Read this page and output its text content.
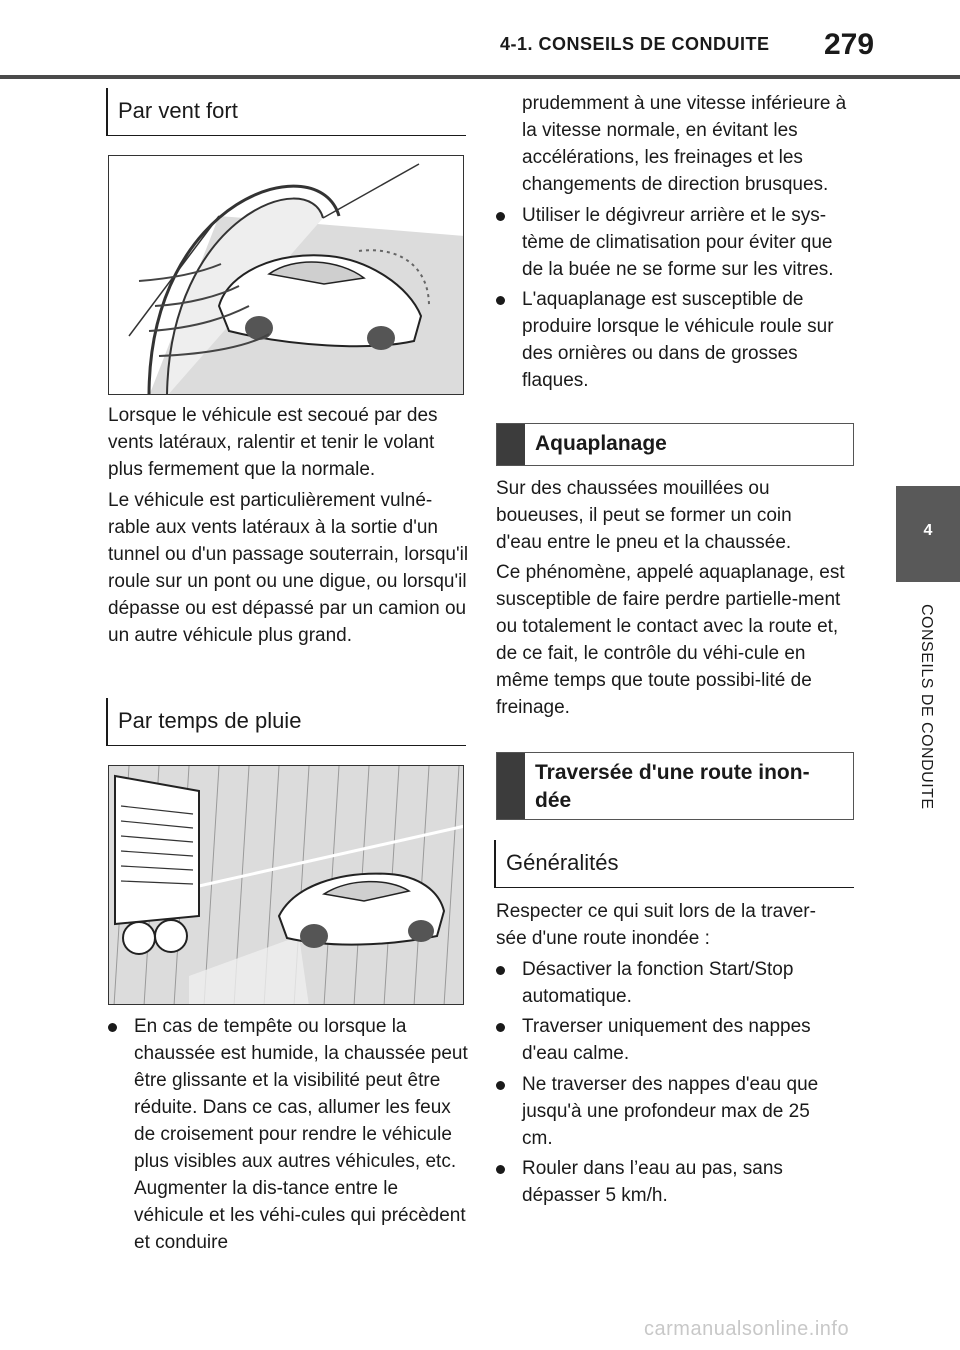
4-1. CONSEILS DE CONDUITE 279
4
CONSEILS DE CONDUITE
Par vent fort

Lorsque le véhicule est secoué par des vents latéraux, ralentir et tenir le volant plus fermement que la normale.

Le véhicule est particulièrement vulné-rable aux vents latéraux à la sortie d'un tunnel ou d'un passage souterrain, lorsqu'il roule sur un pont ou une digue, ou lorsqu'il dépasse ou est dépassé par un camion ou un autre véhicule plus grand.

Par temps de pluie
En cas de tempête ou lorsque la chaussée est humide, la chaussée peut être glissante et la visibilité peut être réduite. Dans ce cas, allumer les feux de croisement pour rendre le véhicule plus visibles aux autres véhicules, etc. Augmenter la dis-tance entre le véhicule et les véhi-cules qui précèdent et conduire

prudemment à une vitesse inférieure à la vitesse normale, en évitant les accélérations, les freinages et les changements de direction brusques.

Utiliser le dégivreur arrière et le sys-tème de climatisation pour éviter que de la buée ne se forme sur les vitres.
L'aquaplanage est susceptible de produire lorsque le véhicule roule sur des ornières ou dans de grosses flaques.
Aquaplanage

Sur des chaussées mouillées ou boueuses, il peut se former un coin d'eau entre le pneu et la chaussée.

Ce phénomène, appelé aquaplanage, est susceptible de faire perdre partielle-ment ou totalement le contact avec la route et, de ce fait, le contrôle du véhi-cule en même temps que toute possibi-lité de freinage.

Traversée d'une route inon-dée
Généralités

Respecter ce qui suit lors de la traver-sée d'une route inondée :

Désactiver la fonction Start/Stop automatique.
Traverser uniquement des nappes d'eau calme.
Ne traverser des nappes d'eau que jusqu'à une profondeur max de 25 cm.
Rouler dans l’eau au pas, sans dépasser 5 km/h.
carmanualsonline.info
